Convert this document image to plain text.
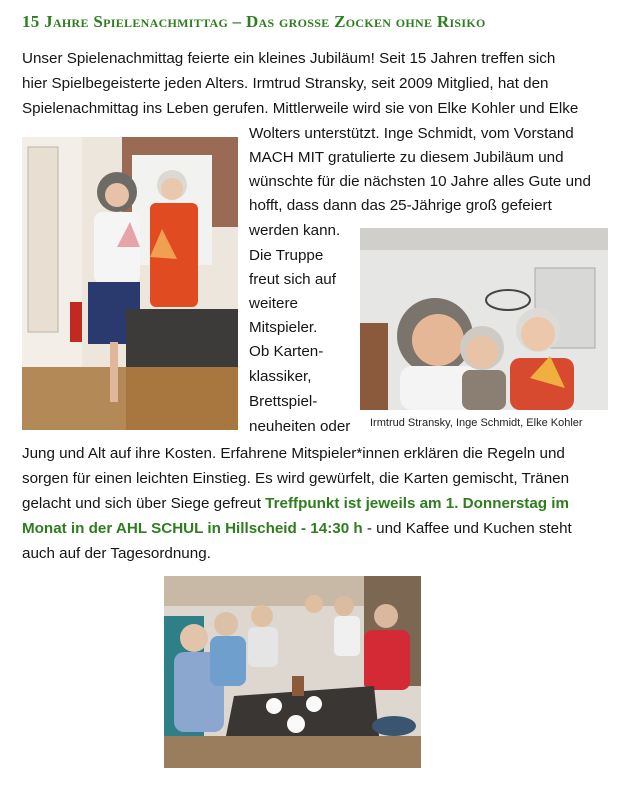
15 Jahre Spielenachmittag – Das grosse Zocken ohne Risiko
Unser Spielenachmittag feierte ein kleines Jubiläum! Seit 15 Jahren treffen sich
hier Spielbegeisterte jeden Alters. Irmtrud Stransky, seit 2009 Mitglied, hat den
Spielenachmittag ins Leben gerufen. Mittlerweile wird sie von Elke Kohler und Elke
Wolters unterstützt. Inge Schmidt, vom Vorstand
MACH MIT gratulierte zu diesem Jubiläum und
wünschte für die nächsten 10 Jahre alles Gute und
hofft, dass dann das 25-Jährige groß gefeiert
werden kann.
Die Truppe
freut sich auf
weitere
Mitspieler.
Ob Karten-
klassiker,
Brettspiel-
neuheiten oder Irmtrud Stransky, Inge Schmidt, Elke Kohler
Jung und Alt auf ihre Kosten. Erfahrene Mitspieler*innen erklären die Regeln und
sorgen für einen leichten Einstieg. Es wird gewürfelt, die Karten gemischt, Tränen
gelacht und sich über Siege gefreut Treffpunkt ist jeweils am 1. Donnerstag im
Monat in der AHL SCHUL in Hillscheid - 14:30 h - und Kaffee und Kuchen steht
auch auf der Tagesordnung.
